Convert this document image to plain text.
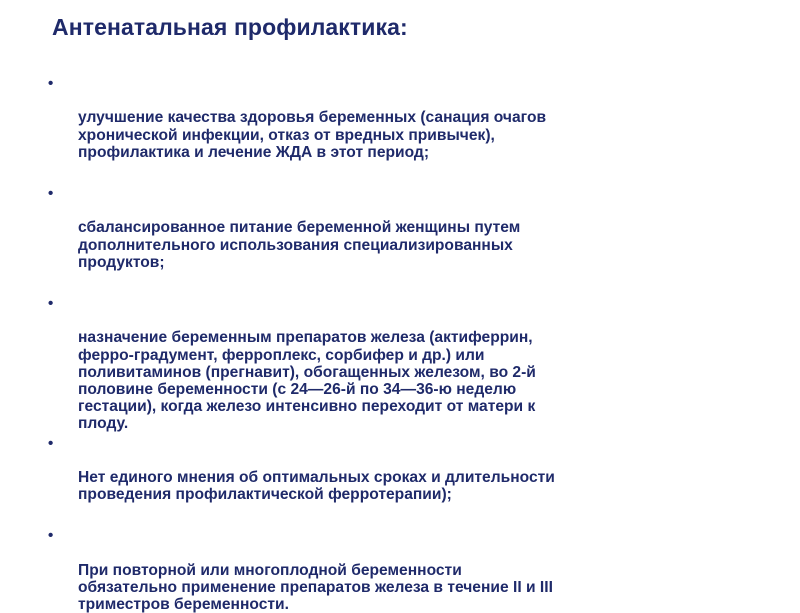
Антенатальная профилактика:

•

улучшение качества здоровья беременных (санация очагов
хронической инфекции, отказ от вредных привычек),
профилактика и лечение ЖДА в этот период;

•

сбалансированное питание беременной женщины путем
дополнительного использования специализированных
продуктов;

•

назначение беременным препаратов железа (актиферрин,
ферро-градумент, ферроплекс, сорбифер и др.) или
поливитаминов (прегнавит), обогащенных железом, во 2-й
половине беременности (с 24—26-й по 34—36-ю неделю
гестации), когда железо интенсивно переходит от матери к
плоду.

•

Нет единого мнения об оптимальных сроках и длительности
проведения профилактической ферротерапии);

•

При повторной или многоплодной беременности
обязательно применение препаратов железа в течение II и III
триместров беременности.
